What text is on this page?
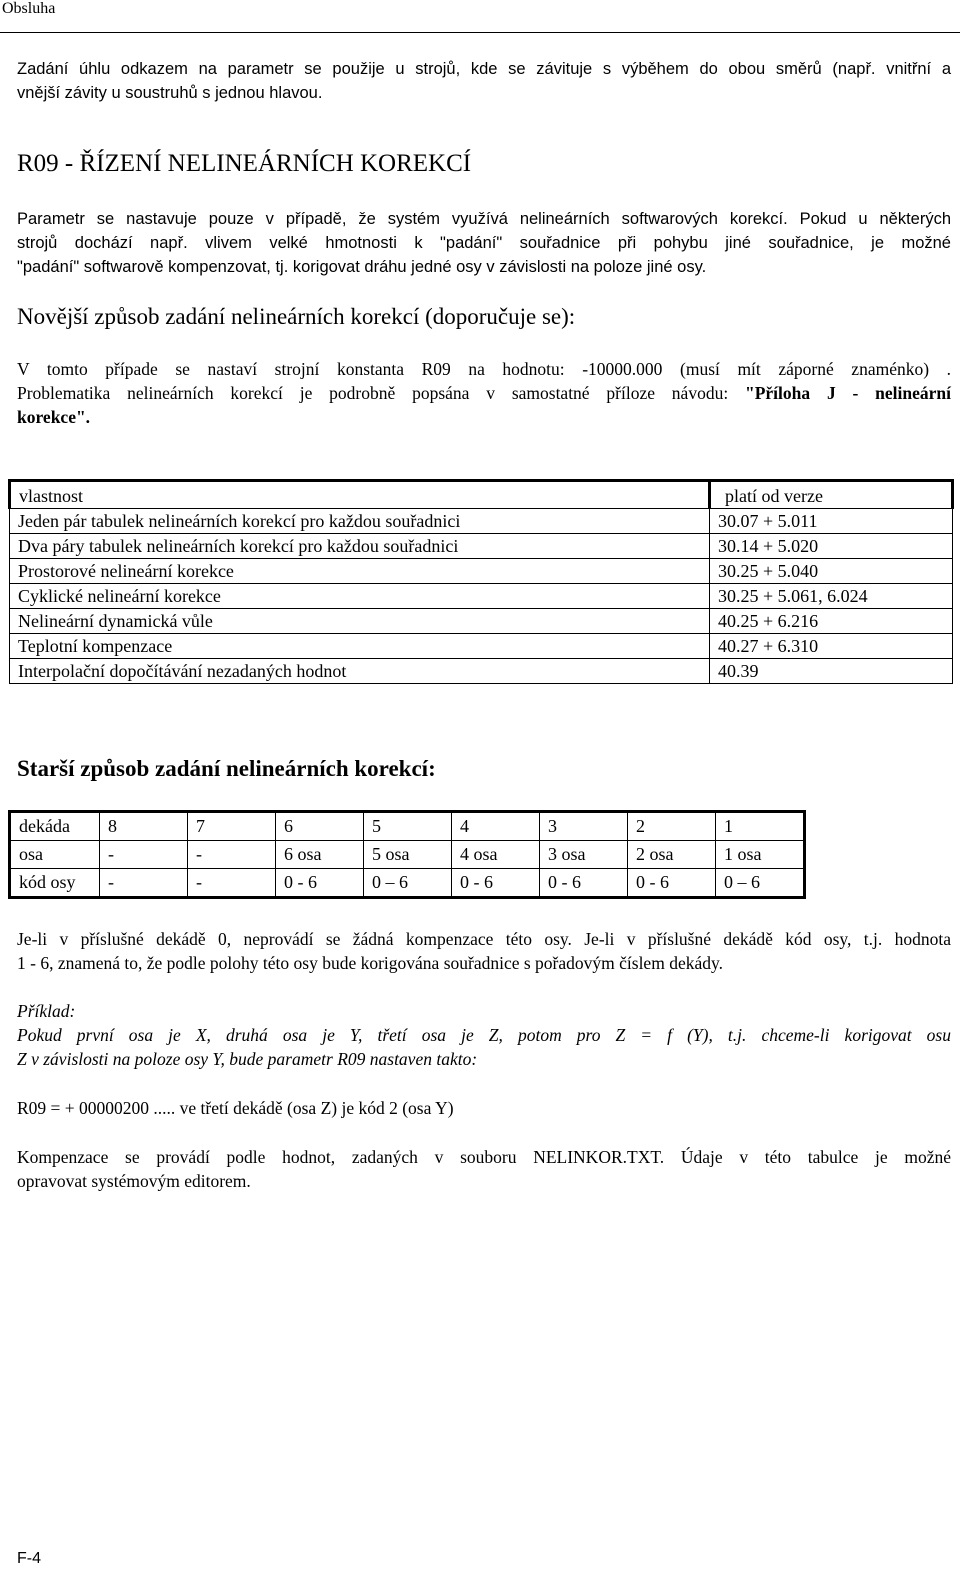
Obsluha
Zadání úhlu odkazem na parametr se použije u strojů, kde se závituje s výběhem do obou směrů (např. vnitřní a
vnější závity u soustruhů s jednou hlavou.
R09 - ŘÍZENÍ NELINEÁRNÍCH KOREKCÍ
Parametr se nastavuje pouze v případě, že systém využívá nelineárních softwarových korekcí. Pokud u některých
strojů dochází např. vlivem velké hmotnosti k "padání" souřadnice při pohybu jiné souřadnice, je možné
"padání" softwarově kompenzovat, tj. korigovat dráhu jedné osy v závislosti na poloze jiné osy.
Novější způsob zadání nelineárních korekcí (doporučuje se):
V tomto případe se nastaví strojní konstanta R09 na hodnotu: -10000.000 (musí mít záporné znaménko) .
Problematika nelineárních korekcí je podrobně popsána v samostatné příloze návodu: "Příloha J - nelineární
korekce".
vlastnost	platí od verze
Jeden pár tabulek nelineárních korekcí pro každou souřadnici	30.07 + 5.011
Dva páry tabulek nelineárních korekcí pro každou souřadnici	30.14 + 5.020
Prostorové nelineární korekce	30.25 + 5.040
Cyklické nelineární korekce	30.25 + 5.061, 6.024
Nelineární dynamická vůle	40.25 + 6.216
Teplotní kompenzace	40.27 + 6.310
Interpolační dopočítávání nezadaných hodnot	40.39
Starší způsob zadání nelineárních korekcí:
dekáda	8	7	6	5	4	3	2	1
osa	-	-	6 osa	5 osa	4 osa	3 osa	2 osa	1 osa
kód osy	-	-	0 - 6	0 – 6	0 - 6	0 - 6	0 - 6	0 – 6
Je-li v příslušné dekádě 0, neprovádí se žádná kompenzace této osy. Je-li v příslušné dekádě kód osy, t.j. hodnota
1 - 6, znamená to, že podle polohy této osy bude korigována souřadnice s pořadovým číslem dekády.
Příklad:
Pokud první osa je X, druhá osa je Y, třetí osa je Z, potom pro Z = f (Y), t.j. chceme-li korigovat osu
Z v závislosti na poloze osy Y, bude parametr R09 nastaven takto:
R09 = + 00000200 ..... ve třetí dekádě (osa Z) je kód 2 (osa Y)
Kompenzace se provádí podle hodnot, zadaných v souboru NELINKOR.TXT. Údaje v této tabulce je možné
opravovat systémovým editorem.
F-4
